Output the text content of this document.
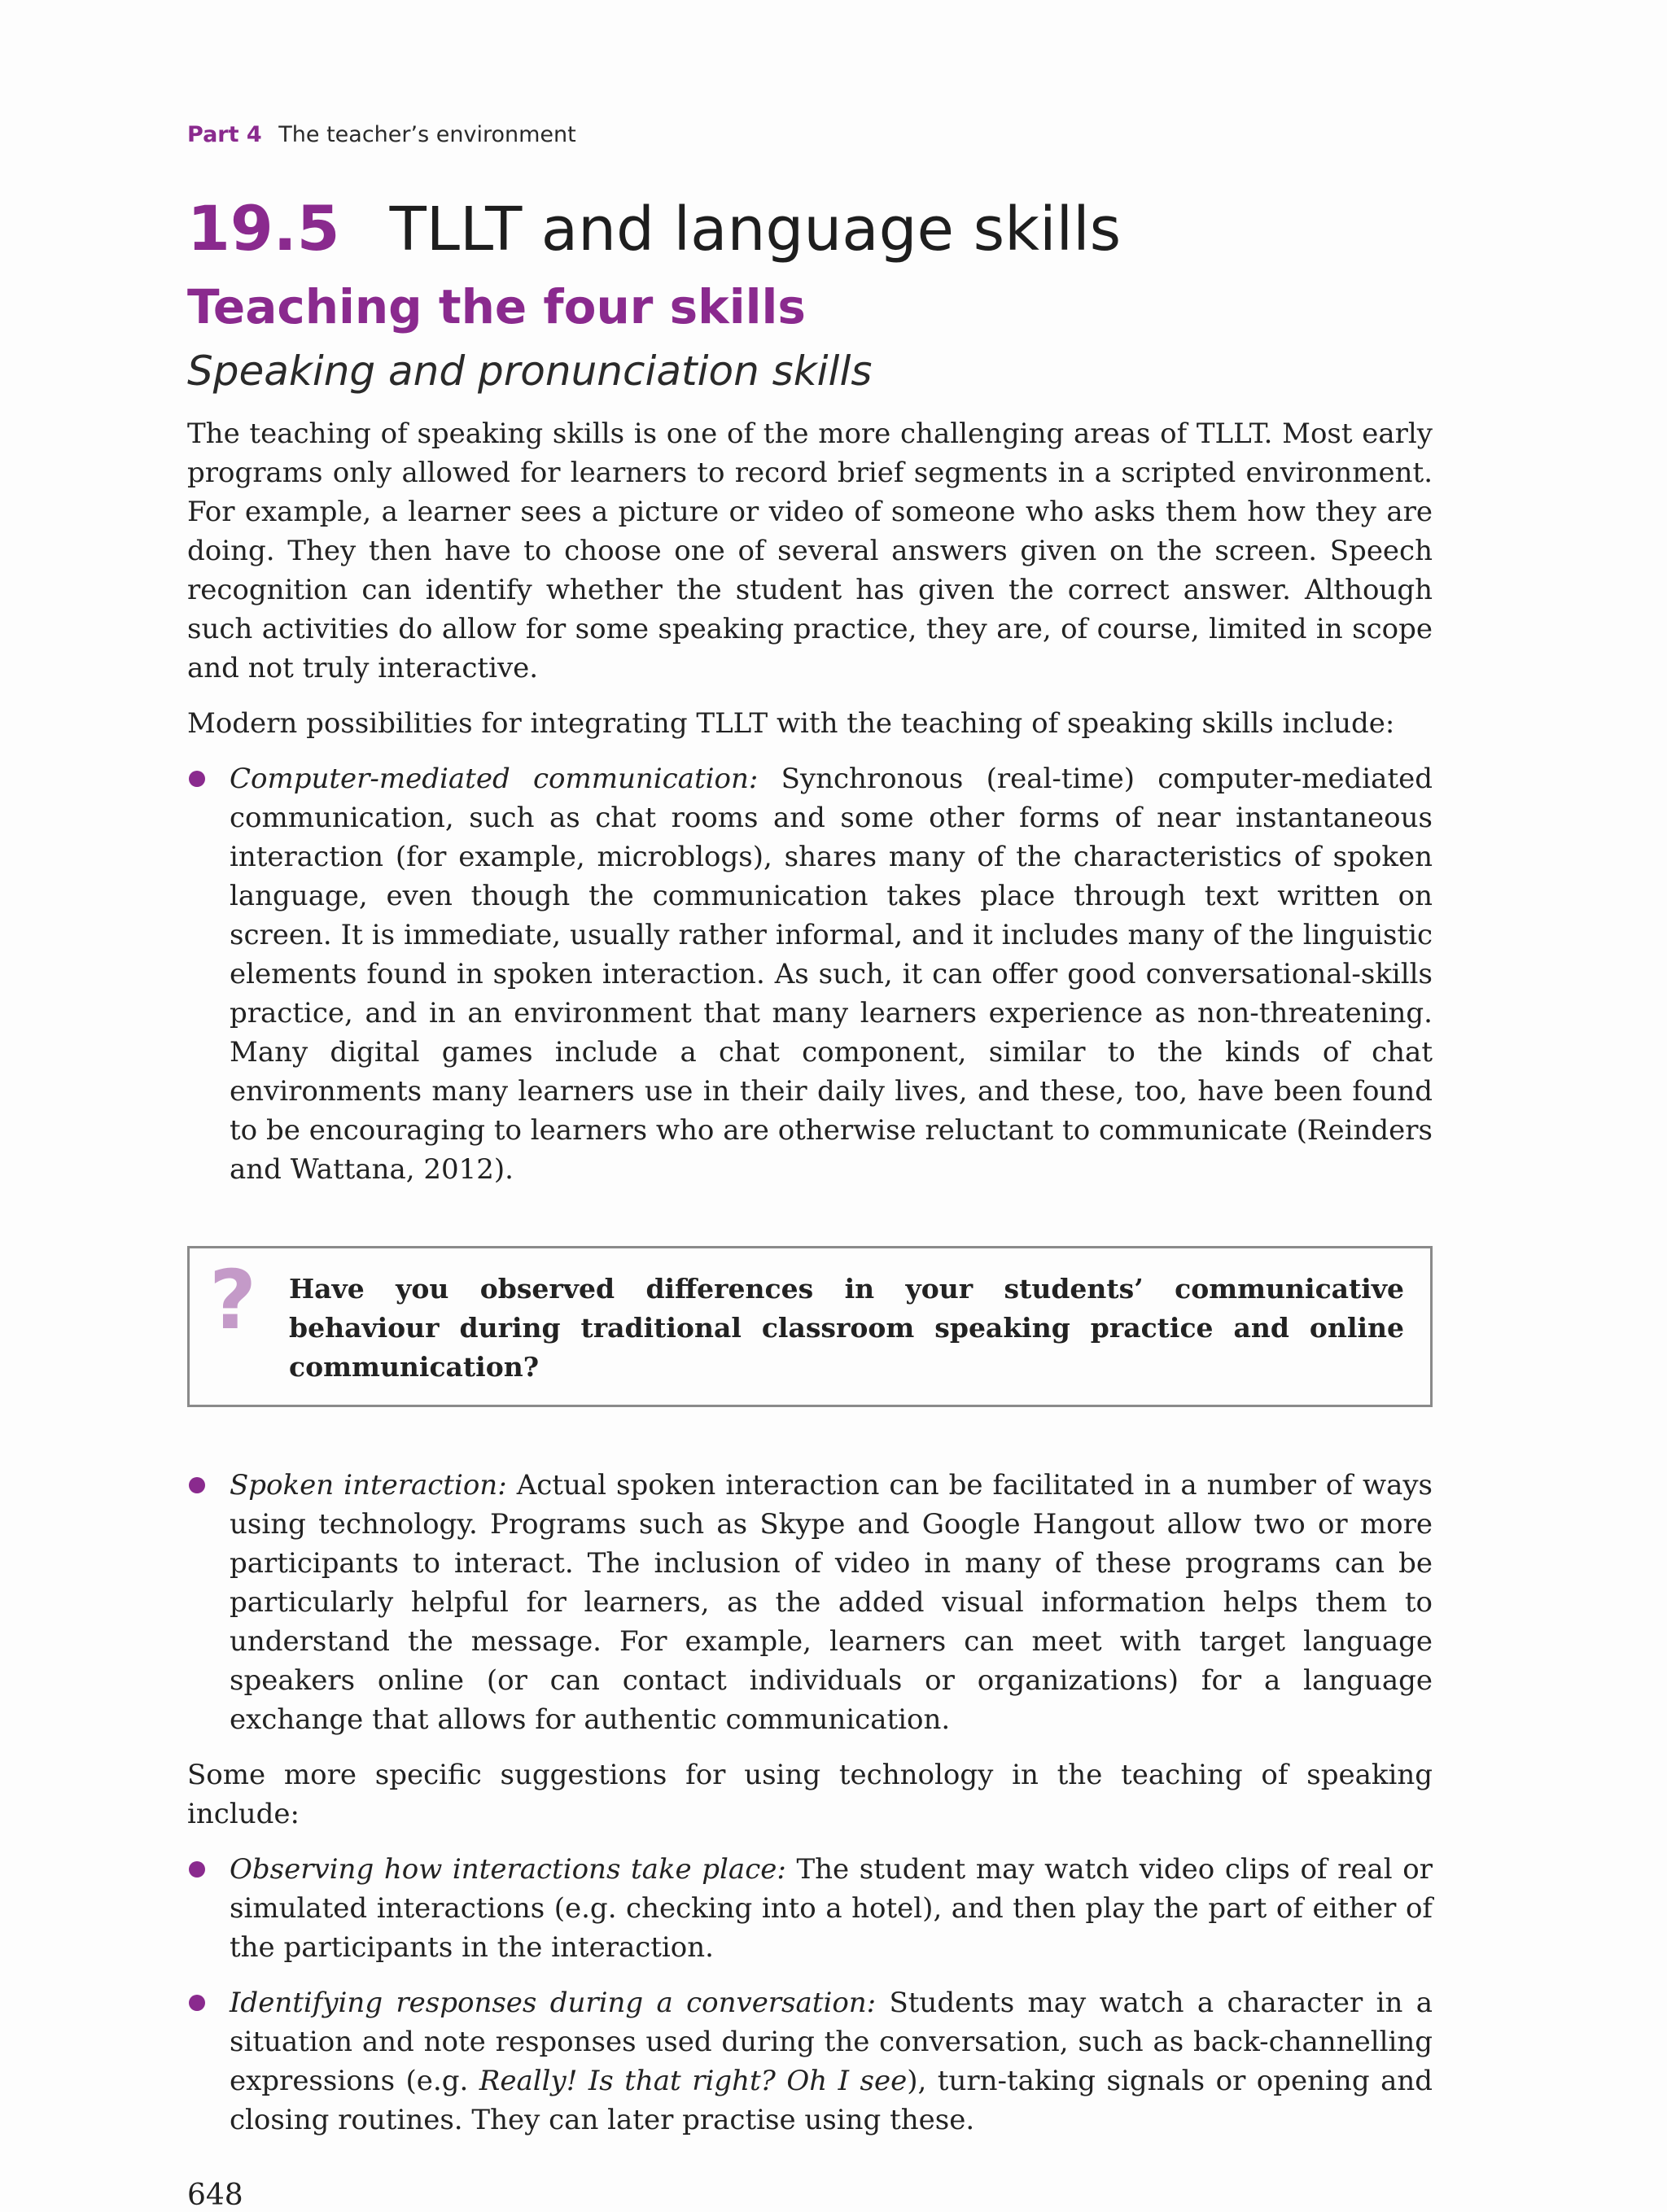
Part 4 The teacher’s environment
19.5 TLLT and language skills
Teaching the four skills
Speaking and pronunciation skills

The teaching of speaking skills is one of the more challenging areas of TLLT. Most early programs only allowed for learners to record brief segments in a scripted environment. For example, a learner sees a picture or video of someone who asks them how they are doing. They then have to choose one of several answers given on the screen. Speech recognition can identify whether the student has given the correct answer. Although such activities do allow for some speaking practice, they are, of course, limited in scope and not truly interactive.

Modern possibilities for integrating TLLT with the teaching of speaking skills include:

Computer-mediated communication: Synchronous (real-time) computer-mediated communication, such as chat rooms and some other forms of near instantaneous interaction (for example, microblogs), shares many of the characteristics of spoken language, even though the communication takes place through text written on screen. It is immediate, usually rather informal, and it includes many of the linguistic elements found in spoken interaction. As such, it can offer good conversational-skills practice, and in an environment that many learners experience as non-threatening. Many digital games include a chat component, similar to the kinds of chat environments many learners use in their daily lives, and these, too, have been found to be encouraging to learners who are otherwise reluctant to communicate (Reinders and Wattana, 2012).

? Have you observed differences in your students’ communicative behaviour during traditional classroom speaking practice and online communication?

Spoken interaction: Actual spoken interaction can be facilitated in a number of ways using technology. Programs such as Skype and Google Hangout allow two or more participants to interact. The inclusion of video in many of these programs can be particularly helpful for learners, as the added visual information helps them to understand the message. For example, learners can meet with target language speakers online (or can contact individuals or organizations) for a language exchange that allows for authentic communication.

Some more specific suggestions for using technology in the teaching of speaking include:

Observing how interactions take place: The student may watch video clips of real or simulated interactions (e.g. checking into a hotel), and then play the part of either of the participants in the interaction.

Identifying responses during a conversation: Students may watch a character in a situation and note responses used during the conversation, such as back-channelling expressions (e.g. Really! Is that right? Oh I see), turn-taking signals or opening and closing routines. They can later practise using these.

648
